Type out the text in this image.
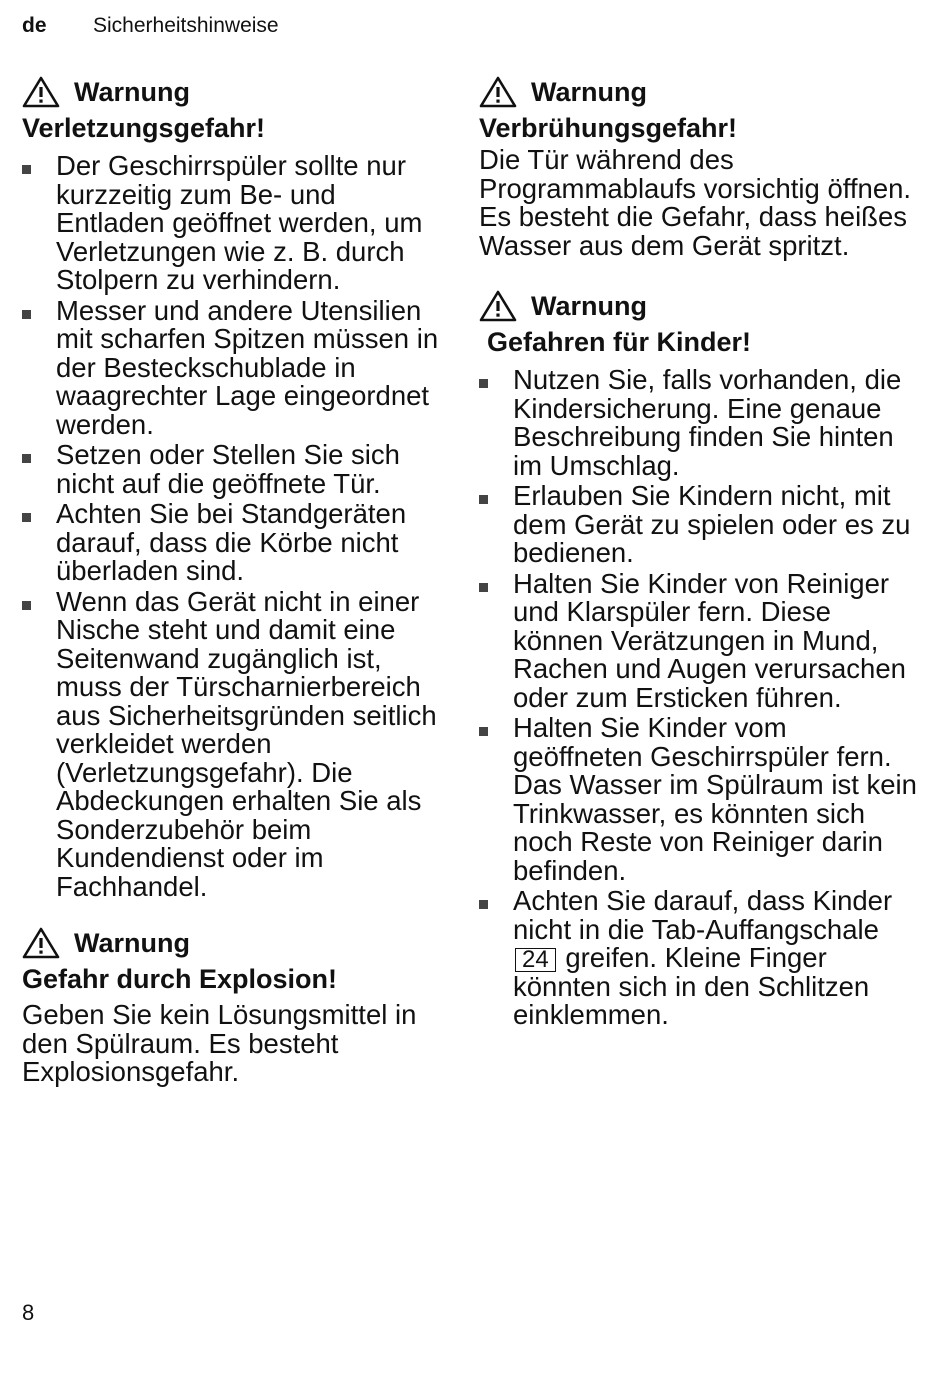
de Sicherheitshinweise
Warnung
Verletzungsgefahr!
Der Geschirrspüler sollte nur kurzzeitig zum Be- und Entladen geöffnet werden, um Verletzungen wie z. B. durch Stolpern zu verhindern.
Messer und andere Utensilien mit scharfen Spitzen müssen in der Besteckschublade in waagrechter Lage eingeordnet werden.
Setzen oder Stellen Sie sich nicht auf die geöffnete Tür.
Achten Sie bei Standgeräten darauf, dass die Körbe nicht überladen sind.
Wenn das Gerät nicht in einer Nische steht und damit eine Seitenwand zugänglich ist, muss der Türscharnierbereich aus Sicherheitsgründen seitlich verkleidet werden (Verletzungsgefahr). Die Abdeckungen erhalten Sie als Sonderzubehör beim Kundendienst oder im Fachhandel.
Warnung
Gefahr durch Explosion!

Geben Sie kein Lösungsmittel in den Spülraum. Es besteht Explosionsgefahr.

Warnung
Verbrühungsgefahr!

Die Tür während des Programmablaufs vorsichtig öffnen. Es besteht die Gefahr, dass heißes Wasser aus dem Gerät spritzt.

Warnung
Gefahren für Kinder!
Nutzen Sie, falls vorhanden, die Kindersicherung. Eine genaue Beschreibung finden Sie hinten im Umschlag.
Erlauben Sie Kindern nicht, mit dem Gerät zu spielen oder es zu bedienen.
Halten Sie Kinder von Reiniger und Klarspüler fern. Diese können Verätzungen in Mund, Rachen und Augen verursachen oder zum Ersticken führen.
Halten Sie Kinder vom geöffneten Geschirrspüler fern. Das Wasser im Spülraum ist kein Trinkwasser, es könnten sich noch Reste von Reiniger darin befinden.
Achten Sie darauf, dass Kinder nicht in die Tab-Auffangschale 24 greifen. Kleine Finger könnten sich in den Schlitzen einklemmen.
8
